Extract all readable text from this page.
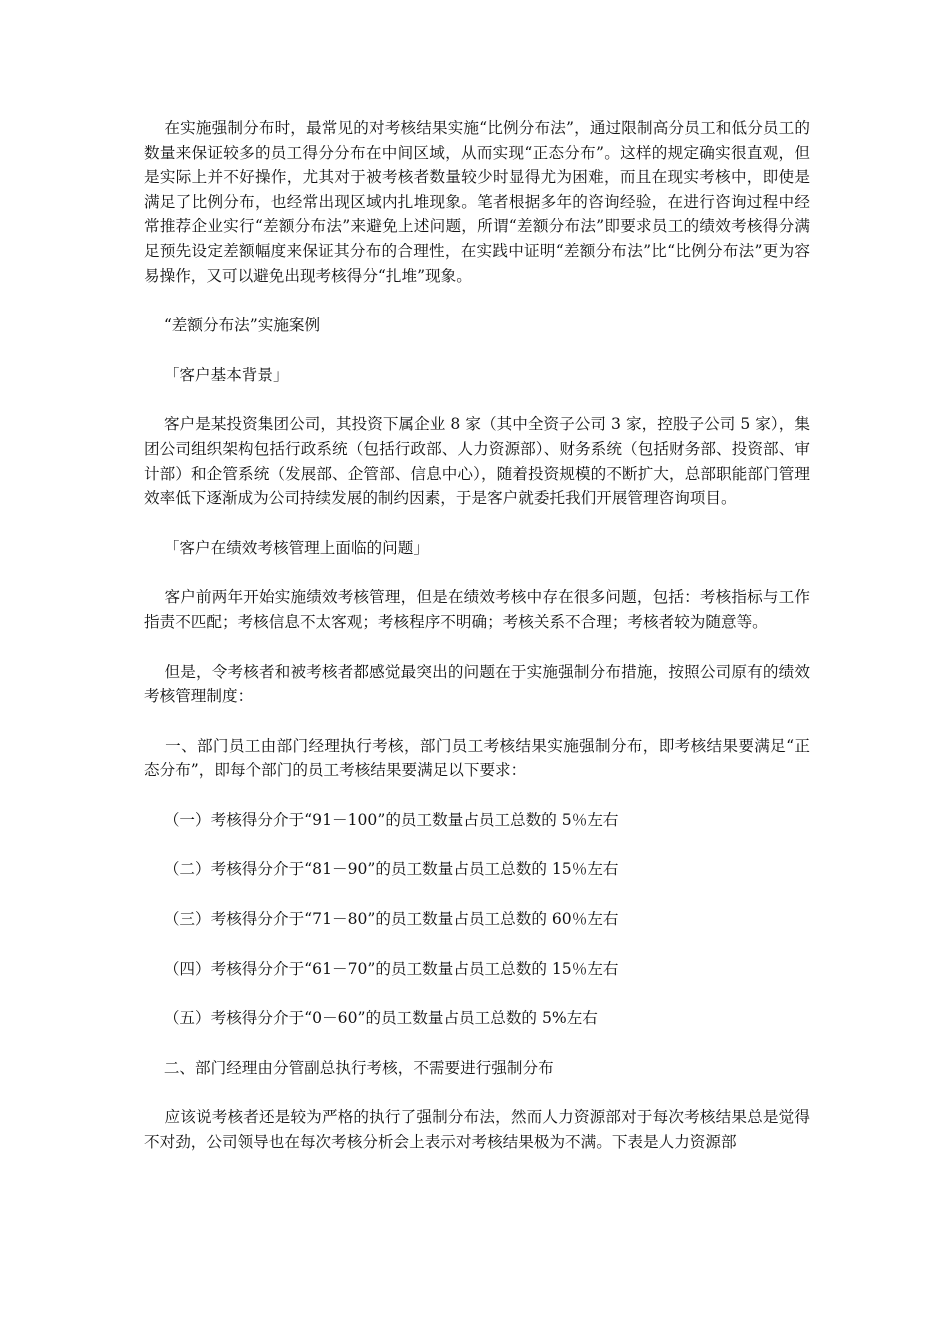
在实施强制分布时，最常见的对考核结果实施“比例分布法”，通过限制高分员工和低分员工的数量来保证较多的员工得分分布在中间区域，从而实现“正态分布”。这样的规定确实很直观，但是实际上并不好操作，尤其对于被考核者数量较少时显得尤为困难，而且在现实考核中，即使是满足了比例分布，也经常出现区域内扎堆现象。笔者根据多年的咨询经验，在进行咨询过程中经常推荐企业实行“差额分布法”来避免上述问题，所谓“差额分布法”即要求员工的绩效考核得分满足预先设定差额幅度来保证其分布的合理性，在实践中证明“差额分布法”比“比例分布法”更为容易操作，又可以避免出现考核得分“扎堆”现象。

“差额分布法”实施案例

「客户基本背景」

客户是某投资集团公司，其投资下属企业 8 家（其中全资子公司 3 家，控股子公司 5 家），集团公司组织架构包括行政系统（包括行政部、人力资源部）、财务系统（包括财务部、投资部、审计部）和企管系统（发展部、企管部、信息中心），随着投资规模的不断扩大，总部职能部门管理效率低下逐渐成为公司持续发展的制约因素，于是客户就委托我们开展管理咨询项目。

「客户在绩效考核管理上面临的问题」

客户前两年开始实施绩效考核管理，但是在绩效考核中存在很多问题，包括：考核指标与工作指责不匹配；考核信息不太客观；考核程序不明确；考核关系不合理；考核者较为随意等。

但是，令考核者和被考核者都感觉最突出的问题在于实施强制分布措施，按照公司原有的绩效考核管理制度：

一、部门员工由部门经理执行考核，部门员工考核结果实施强制分布，即考核结果要满足“正态分布”，即每个部门的员工考核结果要满足以下要求：

（一）考核得分介于“91－100”的员工数量占员工总数的 5％左右

（二）考核得分介于“81－90”的员工数量占员工总数的 15％左右

（三）考核得分介于“71－80”的员工数量占员工总数的 60％左右

（四）考核得分介于“61－70”的员工数量占员工总数的 15％左右

（五）考核得分介于“0－60”的员工数量占员工总数的 5%左右

二、部门经理由分管副总执行考核，不需要进行强制分布

应该说考核者还是较为严格的执行了强制分布法，然而人力资源部对于每次考核结果总是觉得不对劲，公司领导也在每次考核分析会上表示对考核结果极为不满。下表是人力资源部
